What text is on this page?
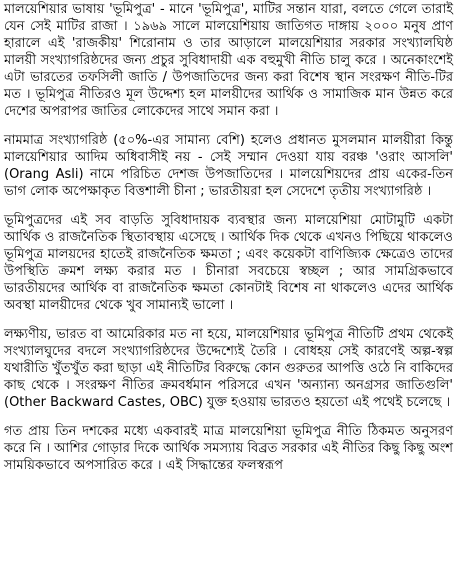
মালয়েশিয়ার ভাষায় 'ভূমিপুত্র' - মানে 'ভূমিপুত্র', মাটির সন্তান যারা, বলতে গেলে তারাই যেন সেই মাটির রাজা । ১৯৬৯ সালে মালয়েশিয়ায় জাতিগত দাঙ্গায় ২০০০ মনুষ প্রাণ হারালে এই 'রাজকীয়' শিরোনাম ও তার আড়ালে মালয়েশিয়ার সরকার সংখ্যালঘিষ্ঠ মালয়ী সংখ্যাগরিষ্ঠদের জন্য প্রচুর সুবিধাদায়ী এক বহুমুখী নীতি চালু করে । অনেকাংশেই এটা ভারতের তফসিলী জাতি / উপজাতিদের জন্য করা বিশেষ স্থান সংরক্ষণ নীতি-টির মত । ভূমিপুত্র নীতিরও মূল উদ্দেশ্য হল মালয়ীদের আর্থিক ও সামাজিক মান উন্নত করে দেশের অপরাপর জাতির লোকেদের সাথে সমান করা ।

নামমাত্র সংখ্যাগরিষ্ঠ (৫০%-এর সামান্য বেশি) হলেও প্রধানত মুসলমান মালয়ীরা কিন্তু মালয়েশিয়ার আদিম অধিবাসীই নয় - সেই সম্মান দেওয়া যায় বরঞ্চ 'ওরাং আসলি' (Orang Asli) নামে পরিচিত দেশজ উপজাতিদের । মালয়েশিয়দের প্রায় একের-তিন ভাগ লোক অপেক্ষাকৃত বিত্তশালী চীনা ; ভারতীয়রা হল সেদেশে তৃতীয় সংখ্যাগরিষ্ঠ ।

ভূমিপুত্রদের এই সব বাড়তি সুবিধাদায়ক ব্যবস্থার জন্য মালয়েশিয়া মোটামুটি একটা আর্থিক ও রাজনৈতিক স্থিতাবস্থায় এসেছে । আর্থিক দিক থেকে এখনও পিছিয়ে থাকলেও ভূমিপুত্র মালয়দের হাতেই রাজনৈতিক ক্ষমতা ; এবং কয়েকটা বাণিজ্যিক ক্ষেত্রেও তাদের উপস্থিতি ক্রমশ লক্ষ্য করার মত । চীনারা সবচেয়ে স্বচ্ছল ; আর সামগ্রিকভাবে ভারতীয়দের আর্থিক বা রাজনৈতিক ক্ষমতা কোনটাই বিশেষ না থাকলেও এদের আর্থিক অবস্থা মালয়ীদের থেকে খুব সামান্যই ভালো ।

লক্ষ্যণীয়, ভারত বা আমেরিকার মত না হয়ে, মালয়েশিয়ার ভূমিপুত্র নীতিটি প্রথম থেকেই সংখ্যালঘুদের বদলে সংখ্যাগরিষ্ঠদের উদ্দেশ্যেই তৈরি । বোধহয় সেই কারণেই অল্প-স্বল্প যথারীতি খুঁতখুঁত করা ছাড়া এই নীতিটির বিরুদ্ধে কোন গুরুতর আপত্তি ওঠে নি বাকিদের কাছ থেকে । সংরক্ষণ নীতির ক্রমবর্ধমান পরিসরে এখন 'অন্যান্য অনগ্রসর জাতিগুলি' (Other Backward Castes, OBC) যুক্ত হওয়ায় ভারতও হয়তো এই পথেই চলেছে ।

গত প্রায় তিন দশকের মধ্যে একবারই মাত্র মালয়েশিয়া ভূমিপুত্র নীতি ঠিকমত অনুসরণ করে নি । আশির গোড়ার দিকে আর্থিক সমস্যায় বিব্রত সরকার এই নীতির কিছু কিছু অংশ সাময়িকভাবে অপসারিত করে । এই সিদ্ধান্তের ফলস্বরূপ
